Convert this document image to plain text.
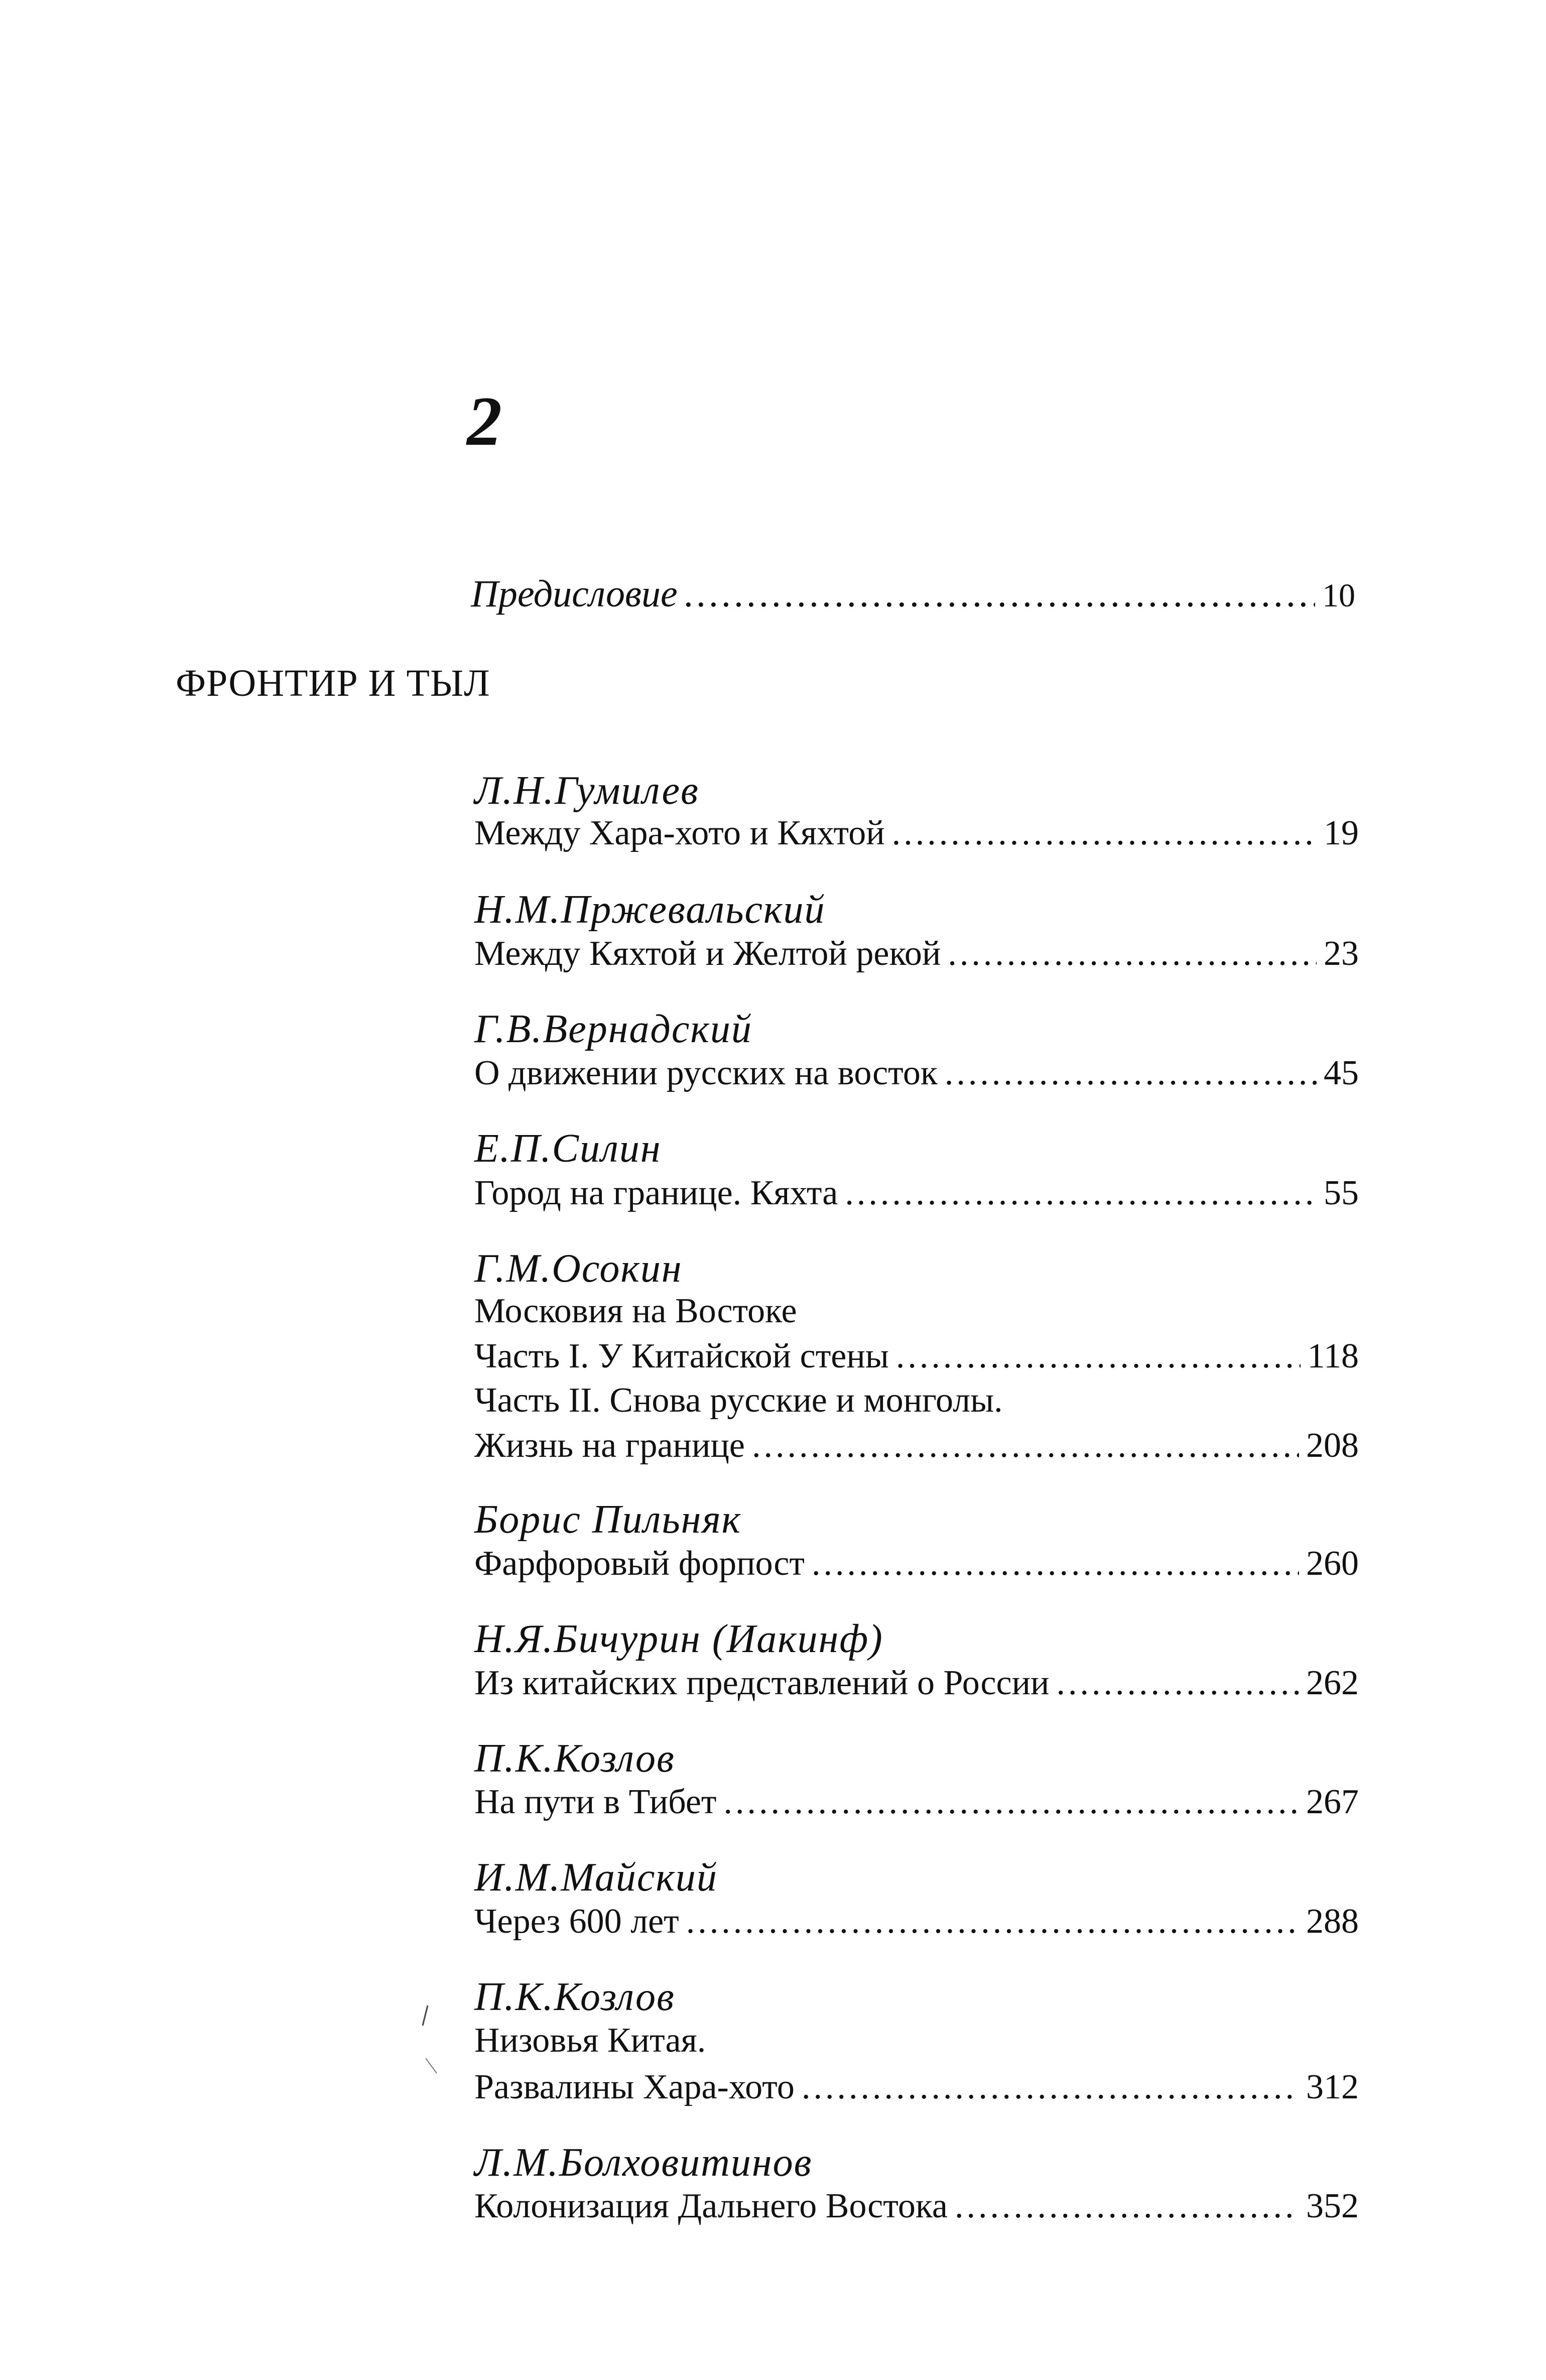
2
Предисловие .....	10
ФРОНТИР И ТЫЛ
Л.Н.Гумилев
Между Хара-хото и Кяхтой .....	19
Н.М.Пржевальский
Между Кяхтой и Желтой рекой .....	23
Г.В.Вернадский
О движении русских на восток .....	45
Е.П.Силин
Город на границе. Кяхта .....	55
Г.М.Осокин
Московия на Востоке
Часть I. У Китайской стены .....	118
Часть II. Снова русские и монголы.
Жизнь на границе .....	208
Борис Пильняк
Фарфоровый форпост .....	260
Н.Я.Бичурин (Иакинф)
Из китайских представлений о России .....	262
П.К.Козлов
На пути в Тибет .....	267
И.М.Майский
Через 600 лет .....	288
П.К.Козлов
Низовья Китая.
Развалины Хара-хото .....	312
Л.М.Болховитинов
Колонизация Дальнего Востока .....	352
